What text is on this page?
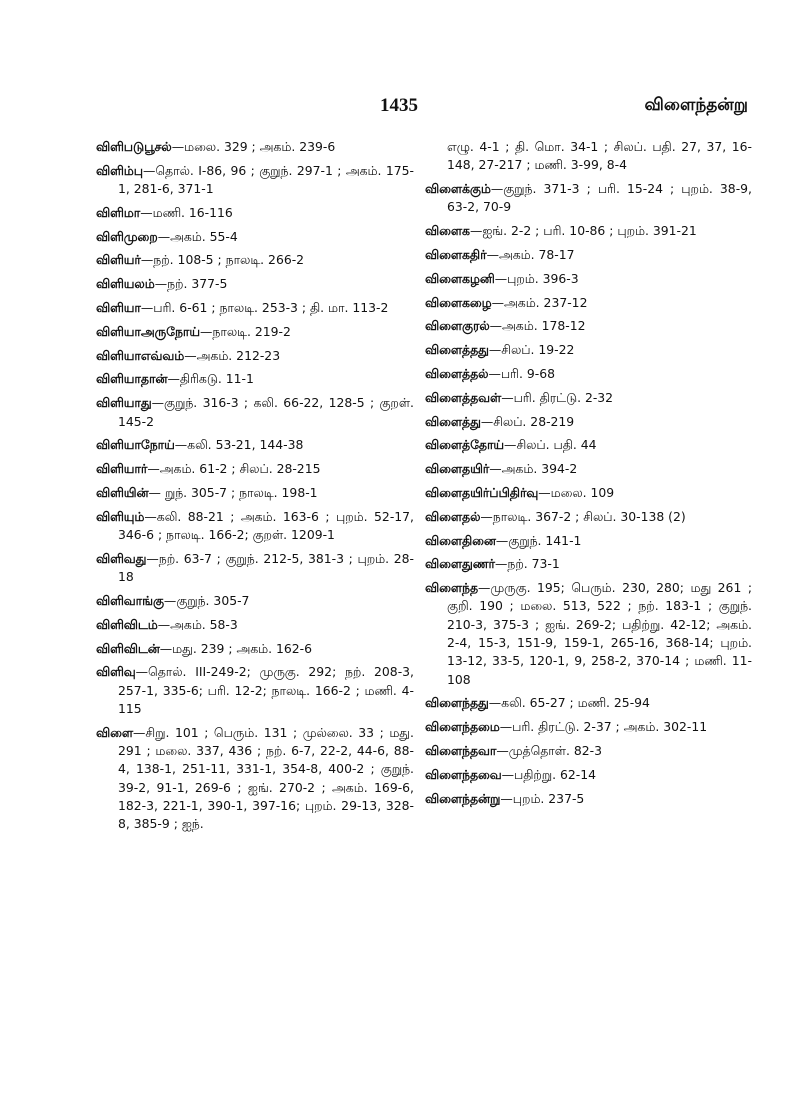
1435	விளைந்தன்று

விளிபடுபூசல்—மலை. 329 ; அகம். 239-6

விளிம்பு—தொல். I-86, 96 ; குறுந். 297-1 ; அகம். 175-1, 281-6, 371-1

விளிமா—மணி. 16-116

விளிமுறை—அகம். 55-4

விளியர்—நற். 108-5 ; நாலடி. 266-2

விளியலம்—நற். 377-5

விளியா—பரி. 6-61 ; நாலடி. 253-3 ; தி. மா. 113-2

விளியாஅருநோய்—நாலடி. 219-2

விளியாஎவ்வம்—அகம். 212-23

விளியாதான்—திரிகடு. 11-1

விளியாது—குறுந். 316-3 ; கலி. 66-22, 128-5 ; குறள். 145-2

விளியாநோய்—கலி. 53-21, 144-38

விளியார்—அகம். 61-2 ; சிலப். 28-215

விளியின்— றுந். 305-7 ; நாலடி. 198-1

விளியும்—கலி. 88-21 ; அகம். 163-6 ; புறம். 52-17, 346-6 ; நாலடி. 166-2; குறள். 1209-1

விளிவது—நற். 63-7 ; குறுந். 212-5, 381-3 ; புறம். 28-18

விளிவாங்கு—குறுந். 305-7

விளிவிடம்—அகம். 58-3

விளிவிடன்—மது. 239 ; அகம். 162-6

விளிவு—தொல். III-249-2; முருகு. 292; நற். 208-3, 257-1, 335-6; பரி. 12-2; நாலடி. 166-2 ; மணி. 4-115

விளை—சிறு. 101 ; பெரும். 131 ; முல்லை. 33 ; மது. 291 ; மலை. 337, 436 ; நற். 6-7, 22-2, 44-6, 88-4, 138-1, 251-11, 331-1, 354-8, 400-2 ; குறுந். 39-2, 91-1, 269-6 ; ஐங். 270-2 ; அகம். 169-6, 182-3, 221-1, 390-1, 397-16; புறம். 29-13, 328-8, 385-9 ; ஐந்.

எழு. 4-1 ; தி. மொ. 34-1 ; சிலப். பதி. 27, 37, 16-148, 27-217 ; மணி. 3-99, 8-4

விளைக்கும்—குறுந். 371-3 ; பரி. 15-24 ; புறம். 38-9, 63-2, 70-9

விளைக—ஐங். 2-2 ; பரி. 10-86 ; புறம். 391-21

விளைகதிர்—அகம். 78-17

விளைகழனி—புறம். 396-3

விளைகழை—அகம். 237-12

விளைகுரல்—அகம். 178-12

விளைத்தது—சிலப். 19-22

விளைத்தல்—பரி. 9-68

விளைத்தவள்—பரி. திரட்டு. 2-32

விளைத்து—சிலப். 28-219

விளைத்தோய்—சிலப். பதி. 44

விளைதயிர்—அகம். 394-2

விளைதயிர்ப்பிதிர்வு—மலை. 109

விளைதல்—நாலடி. 367-2 ; சிலப். 30-138 (2)

விளைதினை—குறுந். 141-1

விளைதுணர்—நற். 73-1

விளைந்த—முருகு. 195; பெரும். 230, 280; மது 261 ; குறி. 190 ; மலை. 513, 522 ; நற். 183-1 ; குறுந். 210-3, 375-3 ; ஐங். 269-2; பதிற்று. 42-12; அகம். 2-4, 15-3, 151-9, 159-1, 265-16, 368-14; புறம். 13-12, 33-5, 120-1, 9, 258-2, 370-14 ; மணி. 11-108

விளைந்தது—கலி. 65-27 ; மணி. 25-94

விளைந்தமை—பரி. திரட்டு. 2-37 ; அகம். 302-11

விளைந்தவா—முத்தொள். 82-3

விளைந்தவை—பதிற்று. 62-14

விளைந்தன்று—புறம். 237-5
